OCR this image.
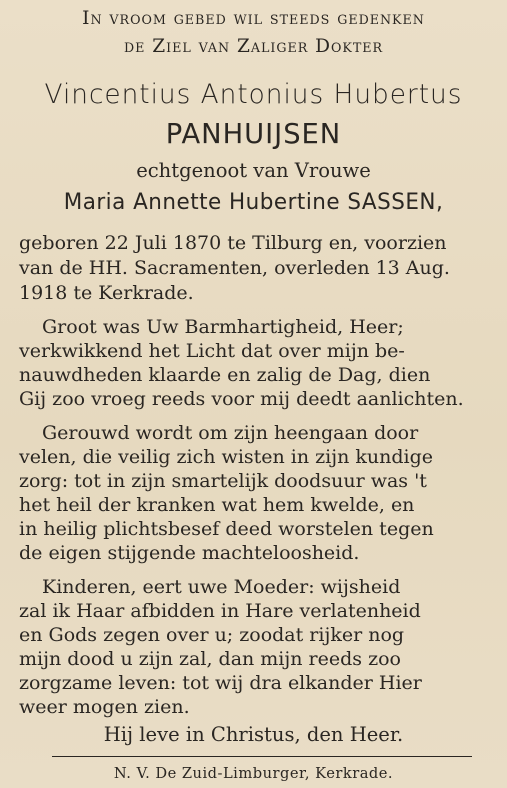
In vroom gebed wil steeds gedenken
de Ziel van Zaliger Dokter
Vincentius Antonius Hubertus
PANHUIJSEN
echtgenoot van Vrouwe
Maria Annette Hubertine SASSEN,
geboren 22 Juli 1870 te Tilburg en, voorzien
van de HH. Sacramenten, overleden 13 Aug.
1918 te Kerkrade.
Groot was Uw Barmhartigheid, Heer;
verkwikkend het Licht dat over mijn be-
nauwdheden klaarde en zalig de Dag, dien
Gij zoo vroeg reeds voor mij deedt aanlichten.
Gerouwd wordt om zijn heengaan door
velen, die veilig zich wisten in zijn kundige
zorg: tot in zijn smartelijk doodsuur was 't
het heil der kranken wat hem kwelde, en
in heilig plichtsbesef deed worstelen tegen
de eigen stijgende machteloosheid.
Kinderen, eert uwe Moeder: wijsheid
zal ik Haar afbidden in Hare verlatenheid
en Gods zegen over u; zoodat rijker nog
mijn dood u zijn zal, dan mijn reeds zoo
zorgzame leven: tot wij dra elkander Hier
weer mogen zien.
Hij leve in Christus, den Heer.
N. V. De Zuid-Limburger, Kerkrade.
